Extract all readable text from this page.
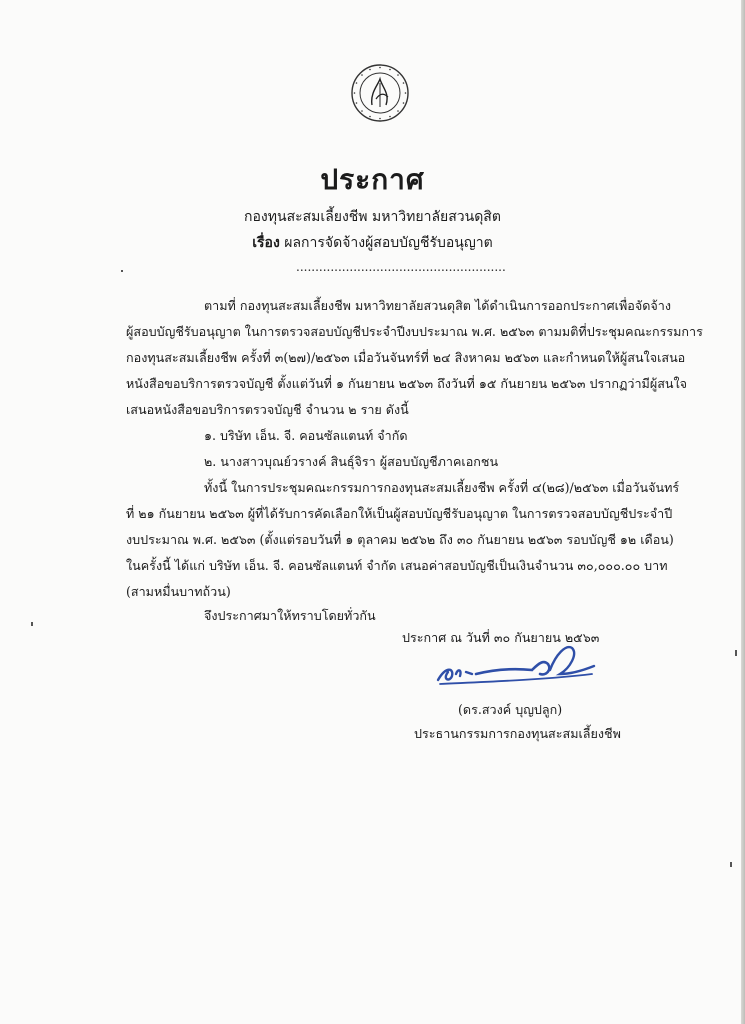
ประกาศ
กองทุนสะสมเลี้ยงชีพ มหาวิทยาลัยสวนดุสิต
เรื่อง ผลการจัดจ้างผู้สอบบัญชีรับอนุญาต
.......................................................
ตามที่ กองทุนสะสมเลี้ยงชีพ มหาวิทยาลัยสวนดุสิต ได้ดำเนินการออกประกาศเพื่อจัดจ้าง
ผู้สอบบัญชีรับอนุญาต ในการตรวจสอบบัญชีประจำปีงบประมาณ พ.ศ. ๒๕๖๓ ตามมติที่ประชุมคณะกรรมการ
กองทุนสะสมเลี้ยงชีพ ครั้งที่ ๓(๒๗)/๒๕๖๓ เมื่อวันจันทร์ที่ ๒๔ สิงหาคม ๒๕๖๓ และกำหนดให้ผู้สนใจเสนอ
หนังสือขอบริการตรวจบัญชี ตั้งแต่วันที่ ๑ กันยายน ๒๕๖๓ ถึงวันที่ ๑๕ กันยายน ๒๕๖๓ ปรากฏว่ามีผู้สนใจ
เสนอหนังสือขอบริการตรวจบัญชี จำนวน ๒ ราย ดังนี้
๑. บริษัท เอ็น. จี. คอนซัลแตนท์ จำกัด
๒. นางสาวบุณย์วรางค์ สินธุ์จิรา ผู้สอบบัญชีภาคเอกชน
ทั้งนี้ ในการประชุมคณะกรรมการกองทุนสะสมเลี้ยงชีพ ครั้งที่ ๔(๒๘)/๒๕๖๓ เมื่อวันจันทร์
ที่ ๒๑ กันยายน ๒๕๖๓ ผู้ที่ได้รับการคัดเลือกให้เป็นผู้สอบบัญชีรับอนุญาต ในการตรวจสอบบัญชีประจำปี
งบประมาณ พ.ศ. ๒๕๖๓ (ตั้งแต่รอบวันที่ ๑ ตุลาคม ๒๕๖๒ ถึง ๓๐ กันยายน ๒๕๖๓ รอบบัญชี ๑๒ เดือน)
ในครั้งนี้ ได้แก่ บริษัท เอ็น. จี. คอนซัลแตนท์ จำกัด เสนอค่าสอบบัญชีเป็นเงินจำนวน ๓๐,๐๐๐.๐๐ บาท
(สามหมื่นบาทถ้วน)
จึงประกาศมาให้ทราบโดยทั่วกัน
ประกาศ ณ วันที่ ๓๐ กันยายน ๒๕๖๓
(ดร.สวงค์ บุญปลูก)
ประธานกรรมการกองทุนสะสมเลี้ยงชีพ
